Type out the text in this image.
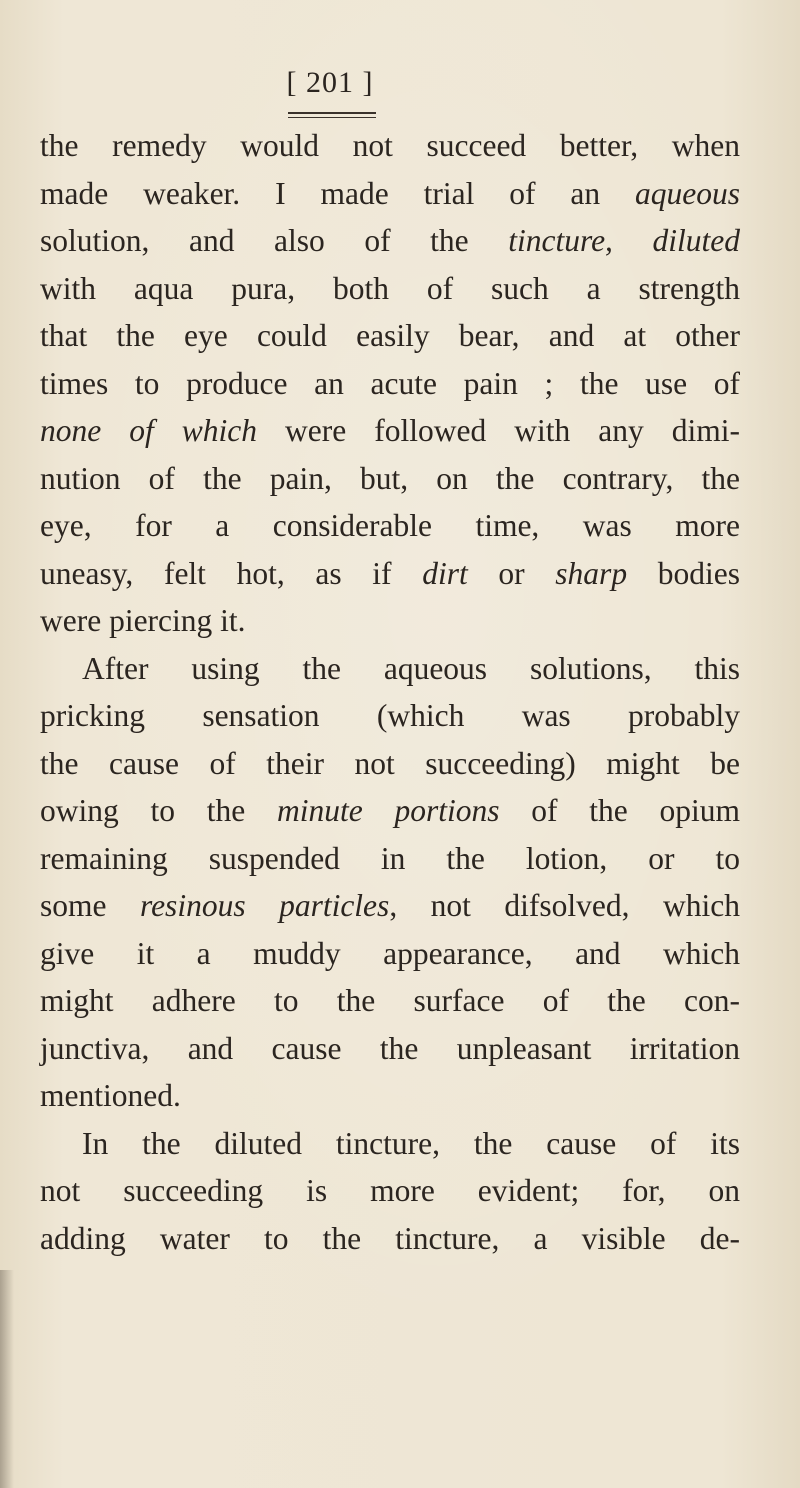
[ 201 ]
the remedy would not succeed better, when
made weaker. I made trial of an aqueous
solution, and also of the tincture, diluted
with aqua pura, both of such a strength
that the eye could easily bear, and at other
times to produce an acute pain ; the use of
none of which were followed with any dimi-
nution of the pain, but, on the contrary, the
eye, for a considerable time, was more
uneasy, felt hot, as if dirt or sharp bodies
were piercing it.
After using the aqueous solutions, this
pricking sensation (which was probably
the cause of their not succeeding) might be
owing to the minute portions of the opium
remaining suspended in the lotion, or to
some resinous particles, not difsolved, which
give it a muddy appearance, and which
might adhere to the surface of the con-
junctiva, and cause the unpleasant irritation
mentioned.
In the diluted tincture, the cause of its
not succeeding is more evident; for, on
adding water to the tincture, a visible de-
